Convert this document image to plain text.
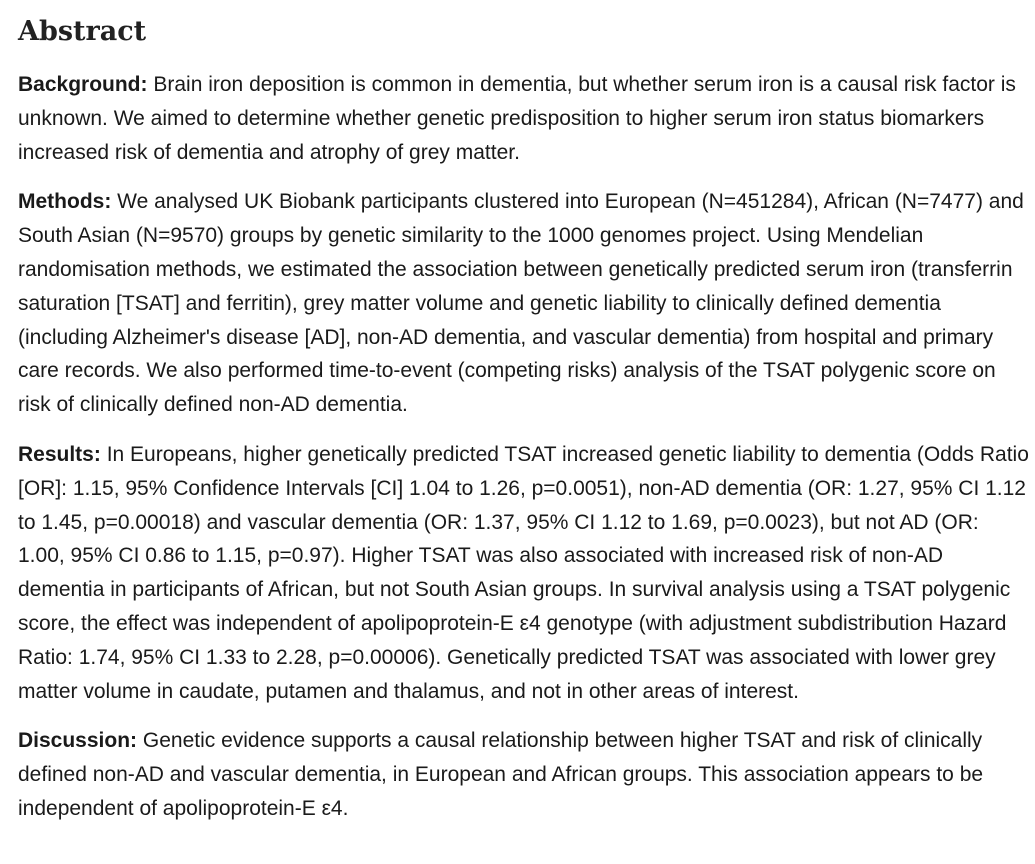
Abstract

Background: Brain iron deposition is common in dementia, but whether serum iron is a causal risk factor is unknown. We aimed to determine whether genetic predisposition to higher serum iron status biomarkers increased risk of dementia and atrophy of grey matter.

Methods: We analysed UK Biobank participants clustered into European (N=451284), African (N=7477) and South Asian (N=9570) groups by genetic similarity to the 1000 genomes project. Using Mendelian randomisation methods, we estimated the association between genetically predicted serum iron (transferrin saturation [TSAT] and ferritin), grey matter volume and genetic liability to clinically defined dementia (including Alzheimer's disease [AD], non-AD dementia, and vascular dementia) from hospital and primary care records. We also performed time-to-event (competing risks) analysis of the TSAT polygenic score on risk of clinically defined non-AD dementia.

Results: In Europeans, higher genetically predicted TSAT increased genetic liability to dementia (Odds Ratio [OR]: 1.15, 95% Confidence Intervals [CI] 1.04 to 1.26, p=0.0051), non-AD dementia (OR: 1.27, 95% CI 1.12 to 1.45, p=0.00018) and vascular dementia (OR: 1.37, 95% CI 1.12 to 1.69, p=0.0023), but not AD (OR: 1.00, 95% CI 0.86 to 1.15, p=0.97). Higher TSAT was also associated with increased risk of non-AD dementia in participants of African, but not South Asian groups. In survival analysis using a TSAT polygenic score, the effect was independent of apolipoprotein-E ε4 genotype (with adjustment subdistribution Hazard Ratio: 1.74, 95% CI 1.33 to 2.28, p=0.00006). Genetically predicted TSAT was associated with lower grey matter volume in caudate, putamen and thalamus, and not in other areas of interest.

Discussion: Genetic evidence supports a causal relationship between higher TSAT and risk of clinically defined non-AD and vascular dementia, in European and African groups. This association appears to be independent of apolipoprotein-E ε4.
